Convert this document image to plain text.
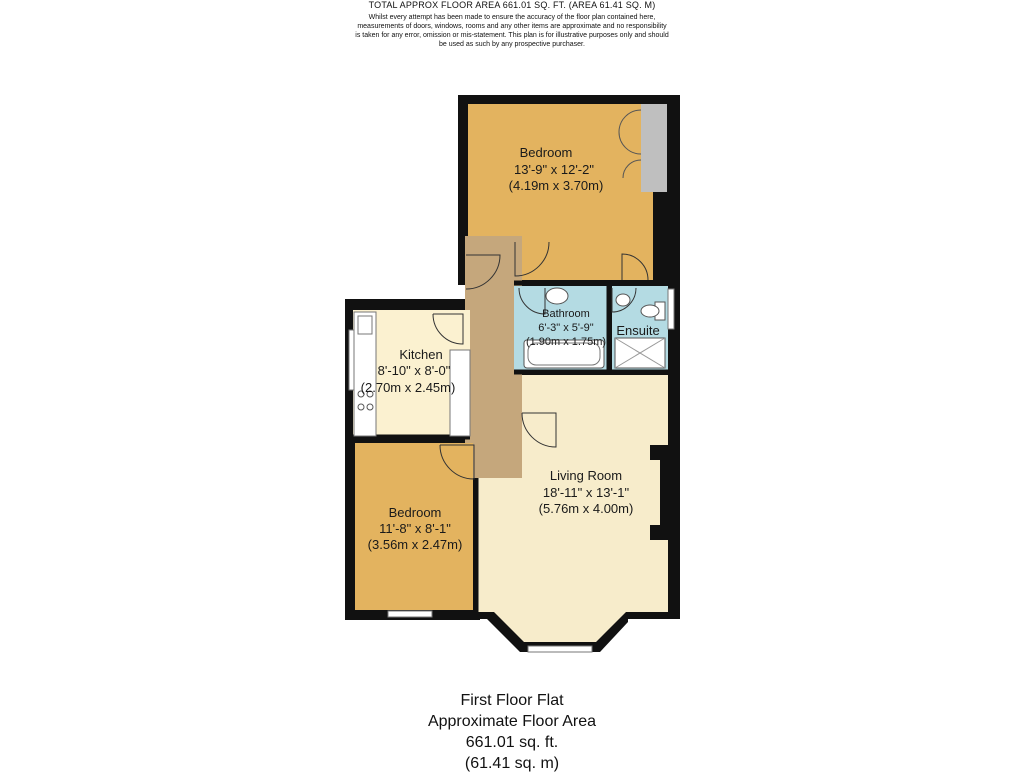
TOTAL APPROX FLOOR AREA 661.01 SQ. FT. (AREA 61.41 SQ. M)
Whilst every attempt has been made to ensure the accuracy of the floor plan contained here,
measurements of doors, windows, rooms and any other items are approximate and no responsibility
is taken for any error, omission or mis-statement. This plan is for illustrative purposes only and should
be used as such by any prospective purchaser.
Bedroom
13'-9" x 12'-2"
(4.19m x 3.70m)
Bathroom
6'-3" x 5'-9"
(1.90m x 1.75m)
Ensuite
Kitchen
8'-10" x 8'-0"
(2.70m x 2.45m)
Living Room
18'-11" x 13'-1"
(5.76m x 4.00m)
Bedroom
11'-8" x 8'-1"
(3.56m x 2.47m)
First Floor Flat
Approximate Floor Area
661.01 sq. ft.
(61.41 sq. m)
